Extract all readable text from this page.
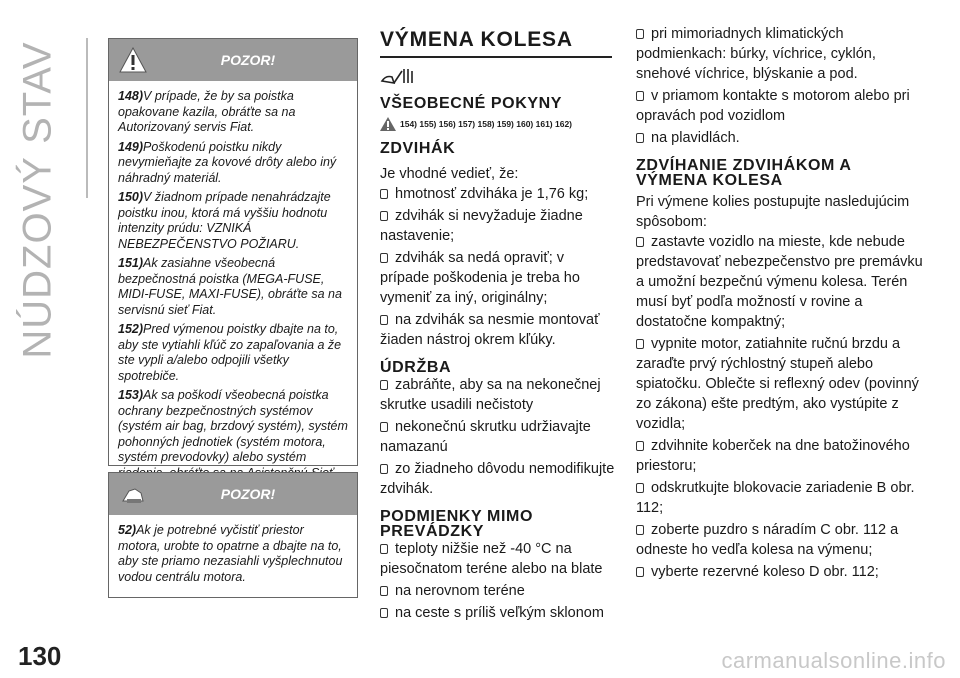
NÚDZOVÝ STAV
130	carmanualsonline.info
POZOR!

148)V prípade, že by sa poistka opakovane kazila, obráťte sa na Autorizovaný servis Fiat.

149)Poškodenú poistku nikdy nevymieňajte za kovové drôty alebo iný náhradný materiál.

150)V žiadnom prípade nenahrádzajte poistku inou, ktorá má vyššiu hodnotu intenzity prúdu: VZNIKÁ NEBEZPEČENSTVO POŽIARU.

151)Ak zasiahne všeobecná bezpečnostná poistka (MEGA-FUSE, MIDI-FUSE, MAXI-FUSE), obráťte sa na servisnú sieť Fiat.

152)Pred výmenou poistky dbajte na to, aby ste vytiahli kľúč zo zapaľovania a že ste vypli a/alebo odpojili všetky spotrebiče.

153)Ak sa poškodí všeobecná poistka ochrany bezpečnostných systémov (systém air bag, brzdový systém), systém pohonných jednotiek (systém motora, systém prevodovky) alebo systém

POZOR!

52)Ak je potrebné vyčistiť priestor motora, urobte to opatrne a dbajte na to, aby ste priamo nezasiahli vyšplechnutou vodou centrálu motora.

VÝMENA KOLESA
VŠEOBECNÉ POKYNY
154) 155) 156) 157) 158) 159) 160) 161) 162)
ZDVIHÁK

Je vhodné vedieť, že:

hmotnosť zdviháka je 1,76 kg;

zdvihák si nevyžaduje žiadne nastavenie;

zdvihák sa nedá opraviť; v prípade poškodenia je treba ho vymeniť za iný, originálny;

na zdvihák sa nesmie montovať žiaden nástroj okrem kľúky.

ÚDRŽBA

zabráňte, aby sa na nekonečnej skrutke usadili nečistoty

nekonečnú skrutku udržiavajte namazanú

zo žiadneho dôvodu nemodifikujte zdvihák.

PODMIENKY MIMO PREVÁDZKY

teploty nižšie než -40 °C na piesočnatom teréne alebo na blate

na nerovnom teréne

na ceste s príliš veľkým sklonom

pri mimoriadnych klimatických podmienkach: búrky, víchrice, cyklón, snehové víchrice, blýskanie a pod.

v priamom kontakte s motorom alebo pri opravách pod vozidlom

na plavidlách.

ZDVÍHANIE ZDVIHÁKOM A VÝMENA KOLESA

Pri výmene kolies postupujte nasledujúcim spôsobom:

zastavte vozidlo na mieste, kde nebude predstavovať nebezpečenstvo pre premávku a umožní bezpečnú výmenu kolesa. Terén musí byť podľa možností v rovine a dostatočne kompaktný;

vypnite motor, zatiahnite ručnú brzdu a zaraďte prvý rýchlostný stupeň alebo spiatočku. Oblečte si reflexný odev (povinný zo zákona) ešte predtým, ako vystúpite z vozidla;

zdvihnite koberček na dne batožinového priestoru;

odskrutkujte blokovacie zariadenie B obr. 112;

zoberte puzdro s náradím C obr. 112 a odneste ho vedľa kolesa na výmenu;

vyberte rezervné koleso D obr. 112;
